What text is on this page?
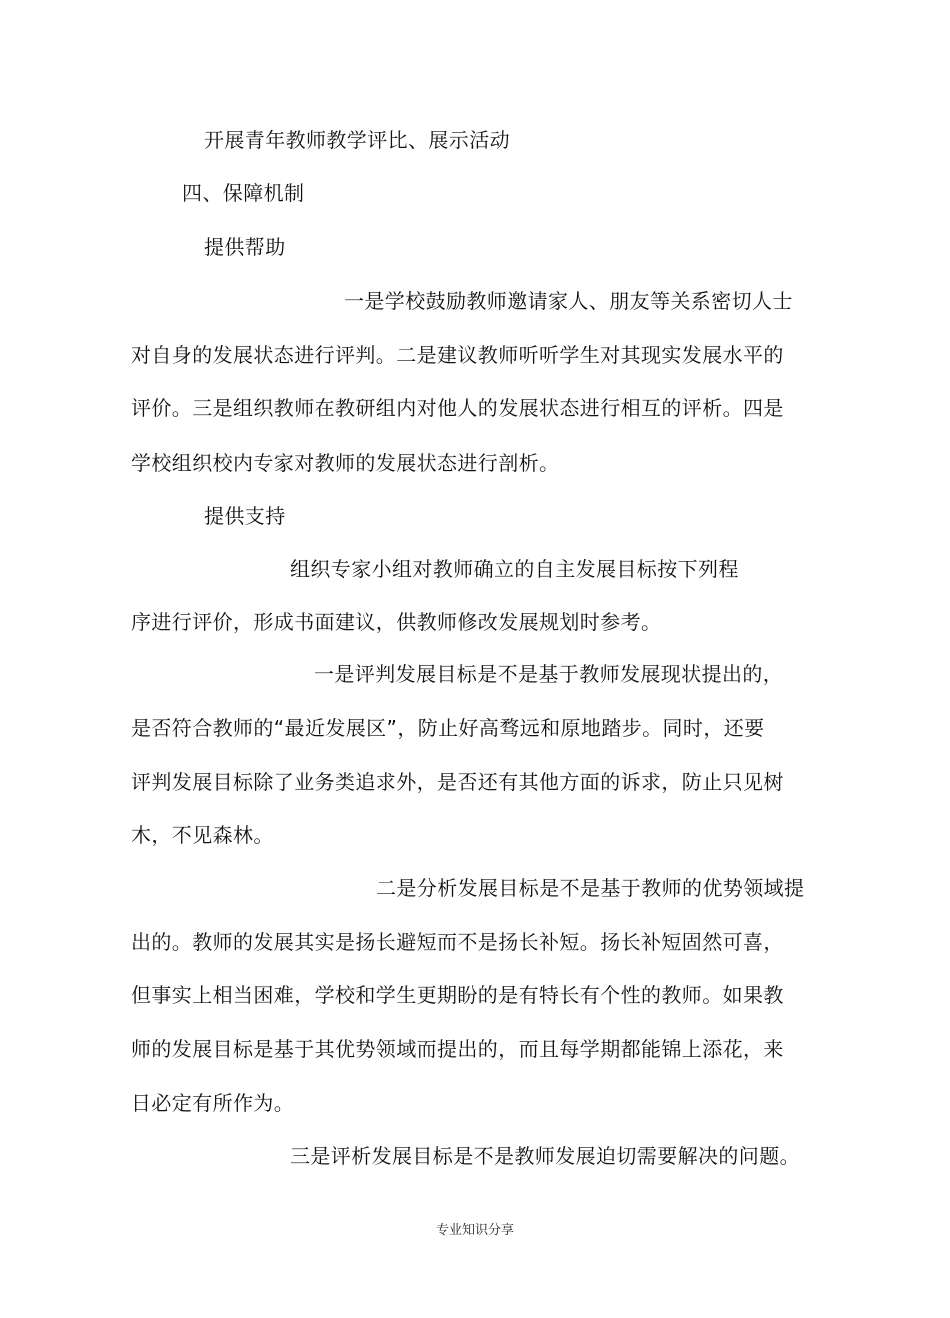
开展青年教师教学评比、展示活动
四、保障机制
提供帮助
一是学校鼓励教师邀请家人、朋友等关系密切人士
对自身的发展状态进行评判。二是建议教师听听学生对其现实发展水平的
评价。三是组织教师在教研组内对他人的发展状态进行相互的评析。四是
学校组织校内专家对教师的发展状态进行剖析。
提供支持
组织专家小组对教师确立的自主发展目标按下列程
序进行评价，形成书面建议，供教师修改发展规划时参考。
一是评判发展目标是不是基于教师发展现状提出的，
是否符合教师的“最近发展区”，防止好高骛远和原地踏步。同时，还要
评判发展目标除了业务类追求外，是否还有其他方面的诉求，防止只见树
木，不见森林。
二是分析发展目标是不是基于教师的优势领域提
出的。教师的发展其实是扬长避短而不是扬长补短。扬长补短固然可喜，
但事实上相当困难，学校和学生更期盼的是有特长有个性的教师。如果教
师的发展目标是基于其优势领域而提出的，而且每学期都能锦上添花，来
日必定有所作为。
三是评析发展目标是不是教师发展迫切需要解决的问题。
专业知识分享
